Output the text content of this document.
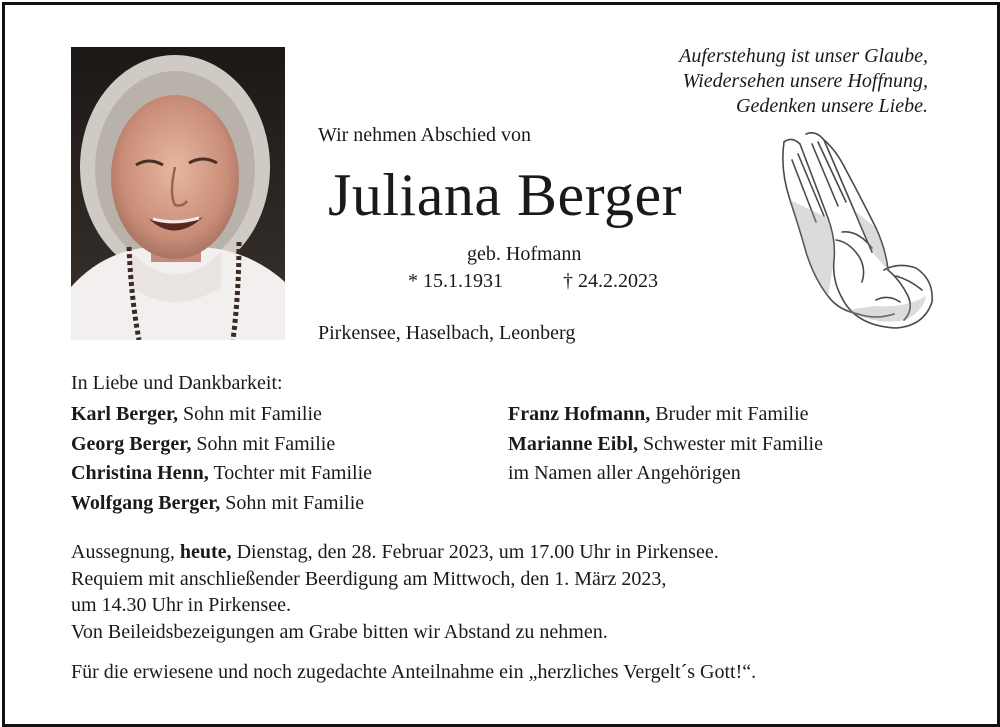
Auferstehung ist unser Glaube,
Wiedersehen unsere Hoffnung,
Gedenken unsere Liebe.
Wir nehmen Abschied von
Juliana Berger
geb. Hofmann
* 15.1.1931	† 24.2.2023
Pirkensee, Haselbach, Leonberg
In Liebe und Dankbarkeit:
Karl Berger, Sohn mit Familie
Georg Berger, Sohn mit Familie
Christina Henn, Tochter mit Familie
Wolfgang Berger, Sohn mit Familie
Franz Hofmann, Bruder mit Familie
Marianne Eibl, Schwester mit Familie
im Namen aller Angehörigen
Aussegnung, heute, Dienstag, den 28. Februar 2023, um 17.00 Uhr in Pirkensee.
Requiem mit anschließender Beerdigung am Mittwoch, den 1. März 2023,
um 14.30 Uhr in Pirkensee.
Von Beileidsbezeigungen am Grabe bitten wir Abstand zu nehmen.
Für die erwiesene und noch zugedachte Anteilnahme ein „herzliches Vergelt´s Gott!“.
